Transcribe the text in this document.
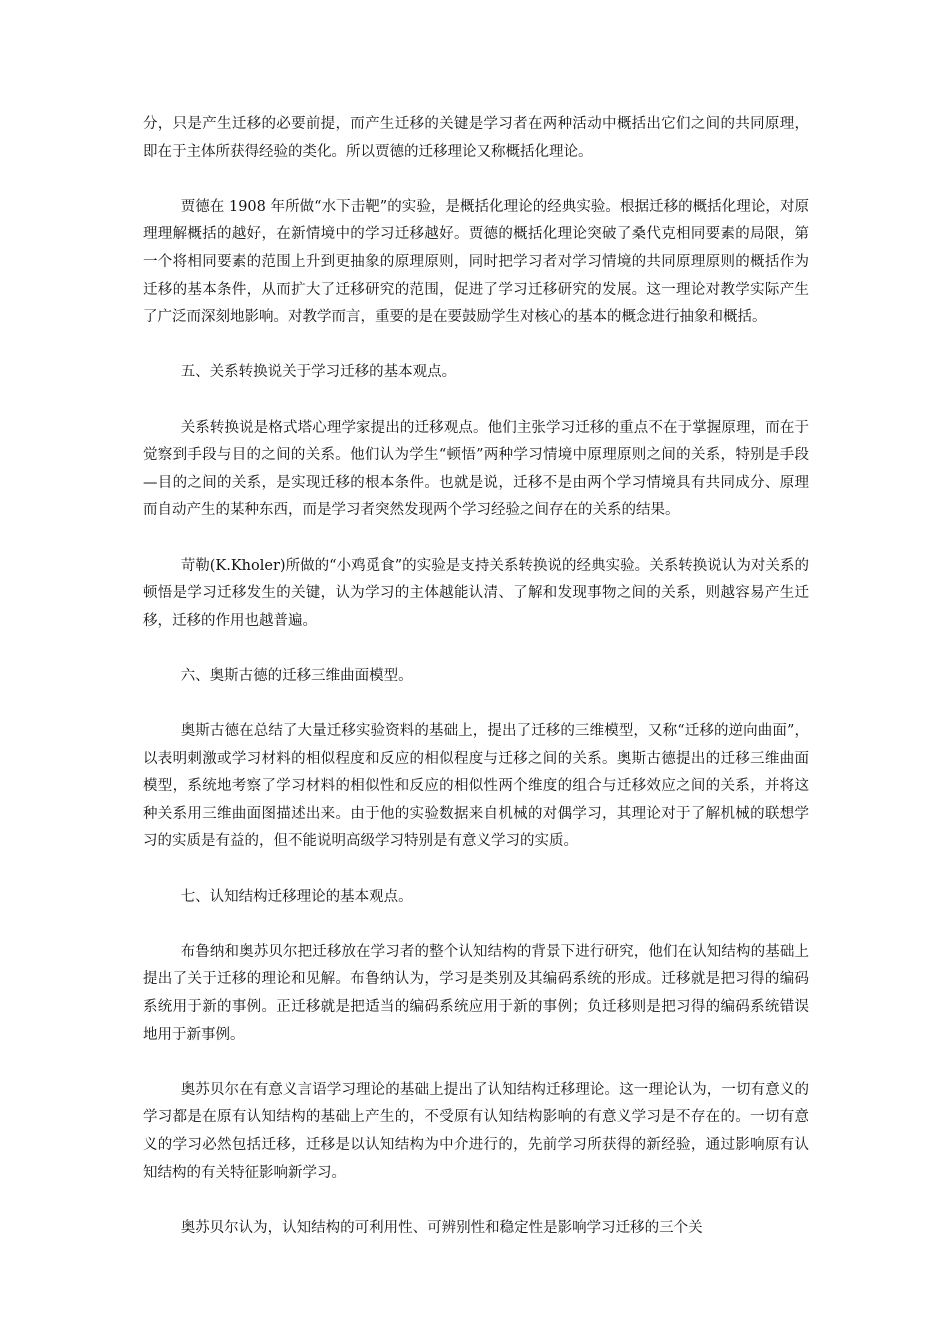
分，只是产生迁移的必要前提，而产生迁移的关键是学习者在两种活动中概括出它们之间的共同原理，即在于主体所获得经验的类化。所以贾德的迁移理论又称概括化理论。

贾德在 1908 年所做“水下击靶”的实验，是概括化理论的经典实验。根据迁移的概括化理论，对原理理解概括的越好，在新情境中的学习迁移越好。贾德的概括化理论突破了桑代克相同要素的局限，第一个将相同要素的范围上升到更抽象的原理原则，同时把学习者对学习情境的共同原理原则的概括作为迁移的基本条件，从而扩大了迁移研究的范围，促进了学习迁移研究的发展。这一理论对教学实际产生了广泛而深刻地影响。对教学而言，重要的是在要鼓励学生对核心的基本的概念进行抽象和概括。

五、关系转换说关于学习迁移的基本观点。

关系转换说是格式塔心理学家提出的迁移观点。他们主张学习迁移的重点不在于掌握原理，而在于觉察到手段与目的之间的关系。他们认为学生“顿悟”两种学习情境中原理原则之间的关系，特别是手段—目的之间的关系，是实现迁移的根本条件。也就是说，迁移不是由两个学习情境具有共同成分、原理而自动产生的某种东西，而是学习者突然发现两个学习经验之间存在的关系的结果。

苛勒(K.Kholer)所做的“小鸡觅食”的实验是支持关系转换说的经典实验。关系转换说认为对关系的顿悟是学习迁移发生的关键，认为学习的主体越能认清、了解和发现事物之间的关系，则越容易产生迁移，迁移的作用也越普遍。

六、奥斯古德的迁移三维曲面模型。

奥斯古德在总结了大量迁移实验资料的基础上，提出了迁移的三维模型，又称“迁移的逆向曲面”，以表明刺激或学习材料的相似程度和反应的相似程度与迁移之间的关系。奥斯古德提出的迁移三维曲面模型，系统地考察了学习材料的相似性和反应的相似性两个维度的组合与迁移效应之间的关系，并将这种关系用三维曲面图描述出来。由于他的实验数据来自机械的对偶学习，其理论对于了解机械的联想学习的实质是有益的，但不能说明高级学习特别是有意义学习的实质。

七、认知结构迁移理论的基本观点。

布鲁纳和奥苏贝尔把迁移放在学习者的整个认知结构的背景下进行研究，他们在认知结构的基础上提出了关于迁移的理论和见解。布鲁纳认为，学习是类别及其编码系统的形成。迁移就是把习得的编码系统用于新的事例。正迁移就是把适当的编码系统应用于新的事例；负迁移则是把习得的编码系统错误地用于新事例。

奥苏贝尔在有意义言语学习理论的基础上提出了认知结构迁移理论。这一理论认为，一切有意义的学习都是在原有认知结构的基础上产生的，不受原有认知结构影响的有意义学习是不存在的。一切有意义的学习必然包括迁移，迁移是以认知结构为中介进行的，先前学习所获得的新经验，通过影响原有认知结构的有关特征影响新学习。

奥苏贝尔认为，认知结构的可利用性、可辨别性和稳定性是影响学习迁移的三个关
